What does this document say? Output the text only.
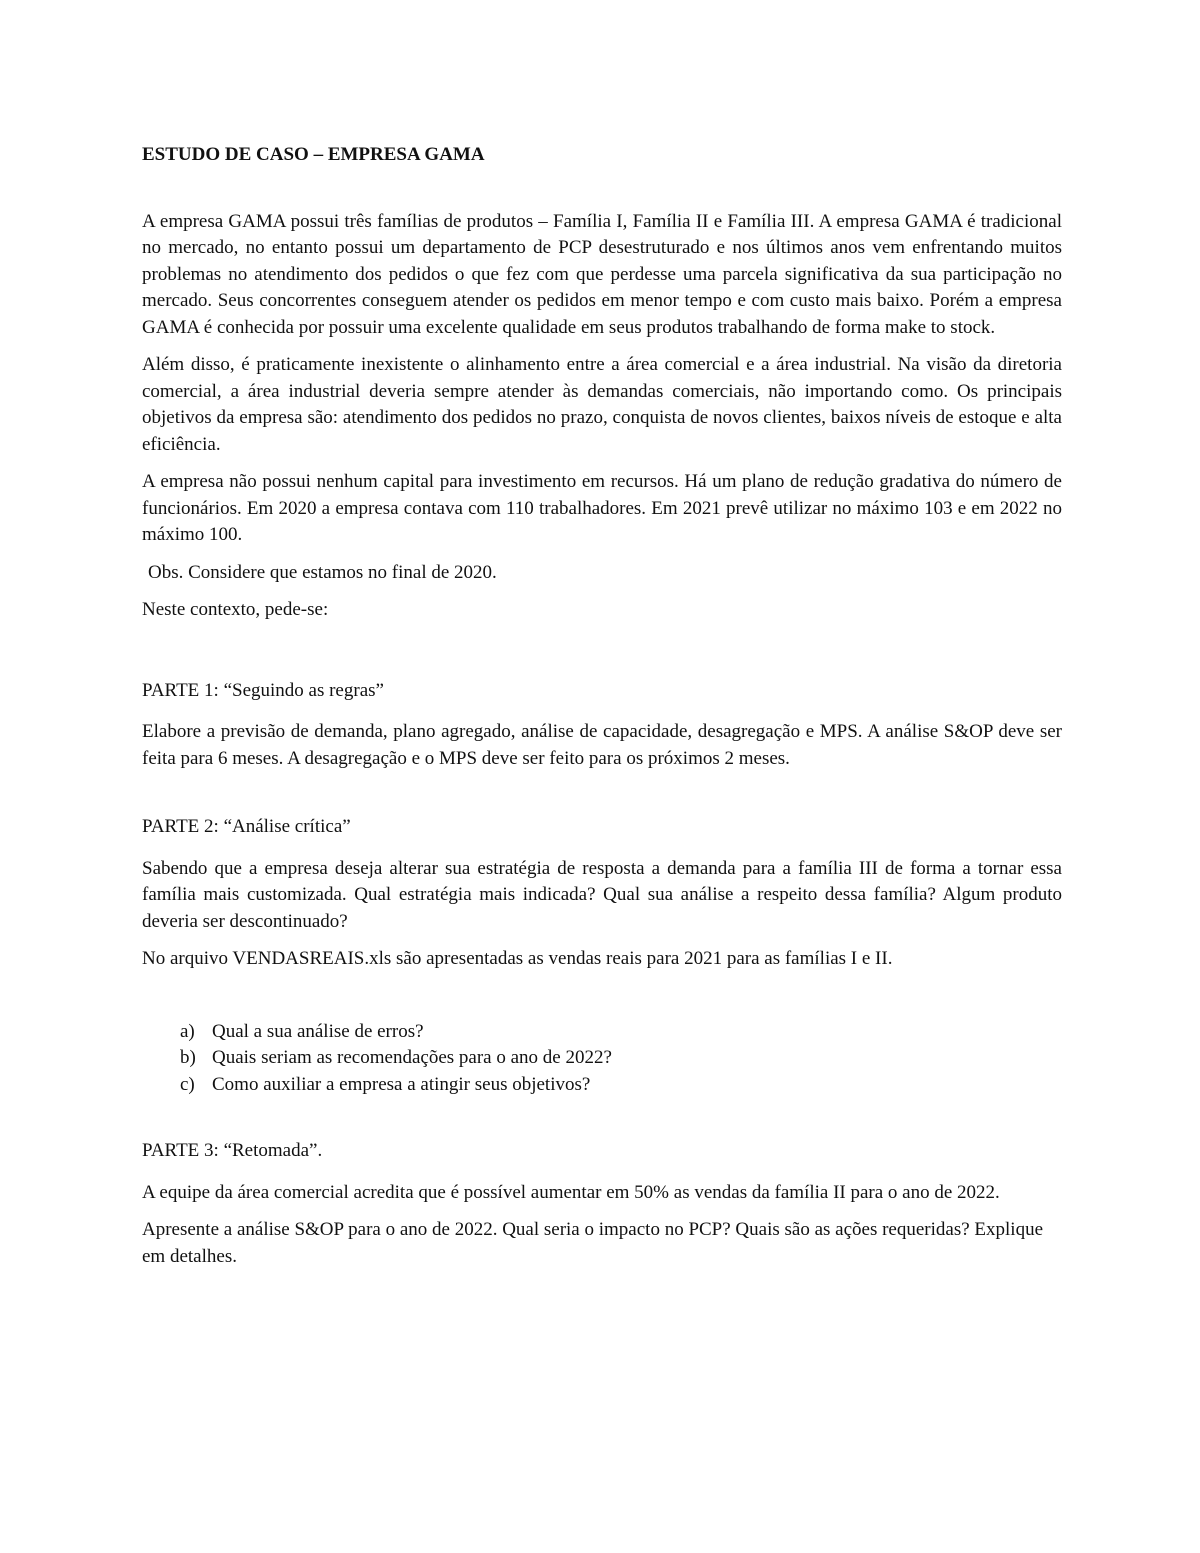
ESTUDO DE CASO – EMPRESA GAMA

A empresa GAMA possui três famílias de produtos – Família I, Família II e Família III. A empresa GAMA é tradicional no mercado, no entanto possui um departamento de PCP desestruturado e nos últimos anos vem enfrentando muitos problemas no atendimento dos pedidos o que fez com que perdesse uma parcela significativa da sua participação no mercado. Seus concorrentes conseguem atender os pedidos em menor tempo e com custo mais baixo. Porém a empresa GAMA é conhecida por possuir uma excelente qualidade em seus produtos trabalhando de forma make to stock.

Além disso, é praticamente inexistente o alinhamento entre a área comercial e a área industrial. Na visão da diretoria comercial, a área industrial deveria sempre atender às demandas comerciais, não importando como. Os principais objetivos da empresa são: atendimento dos pedidos no prazo, conquista de novos clientes, baixos níveis de estoque e alta eficiência.

A empresa não possui nenhum capital para investimento em recursos. Há um plano de redução gradativa do número de funcionários. Em 2020 a empresa contava com 110 trabalhadores. Em 2021 prevê utilizar no máximo 103 e em 2022 no máximo 100.

Obs. Considere que estamos no final de 2020.

Neste contexto, pede-se:

PARTE 1: “Seguindo as regras”

Elabore a previsão de demanda, plano agregado, análise de capacidade, desagregação e MPS. A análise S&OP deve ser feita para 6 meses. A desagregação e o MPS deve ser feito para os próximos 2 meses.

PARTE 2: “Análise crítica”

Sabendo que a empresa deseja alterar sua estratégia de resposta a demanda para a família III de forma a tornar essa família mais customizada. Qual estratégia mais indicada? Qual sua análise a respeito dessa família? Algum produto deveria ser descontinuado?

No arquivo VENDASREAIS.xls são apresentadas as vendas reais para 2021 para as famílias I e II.

a) Qual a sua análise de erros?
b) Quais seriam as recomendações para o ano de 2022?
c) Como auxiliar a empresa a atingir seus objetivos?

PARTE 3: “Retomada”.

A equipe da área comercial acredita que é possível aumentar em 50% as vendas da família II para o ano de 2022.

Apresente a análise S&OP para o ano de 2022. Qual seria o impacto no PCP? Quais são as ações requeridas? Explique em detalhes.
